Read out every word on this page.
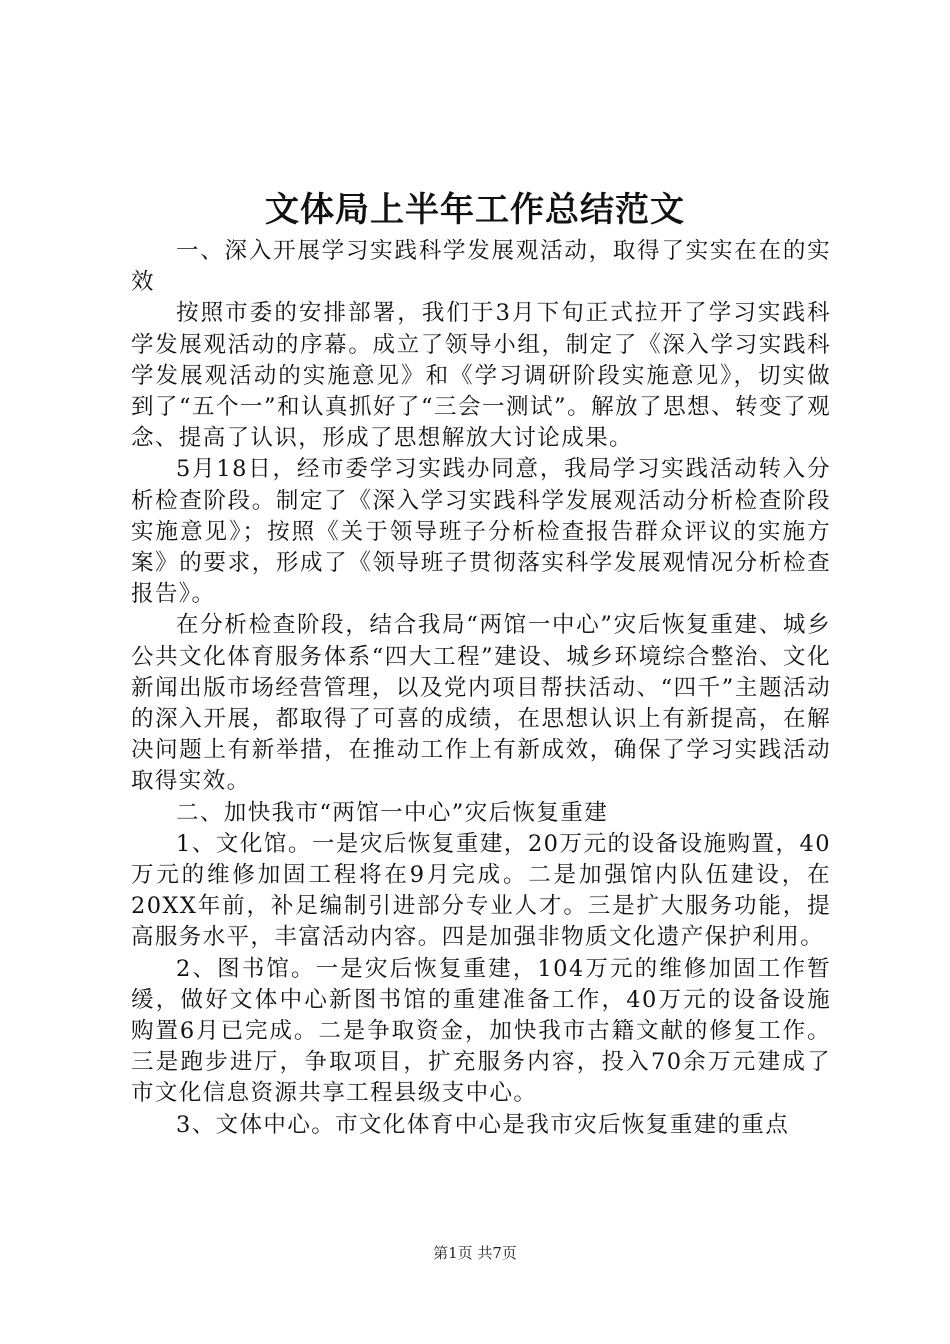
文体局上半年工作总结范文

一、深入开展学习实践科学发展观活动，取得了实实在在的实效

按照市委的安排部署，我们于3月下旬正式拉开了学习实践科学发展观活动的序幕。成立了领导小组，制定了《深入学习实践科学发展观活动的实施意见》和《学习调研阶段实施意见》，切实做到了“五个一”和认真抓好了“三会一测试”。解放了思想、转变了观念、提高了认识，形成了思想解放大讨论成果。

5月18日，经市委学习实践办同意，我局学习实践活动转入分析检查阶段。制定了《深入学习实践科学发展观活动分析检查阶段实施意见》；按照《关于领导班子分析检查报告群众评议的实施方案》的要求，形成了《领导班子贯彻落实科学发展观情况分析检查报告》。

在分析检查阶段，结合我局“两馆一中心”灾后恢复重建、城乡公共文化体育服务体系“四大工程”建设、城乡环境综合整治、文化新闻出版市场经营管理，以及党内项目帮扶活动、“四千”主题活动的深入开展，都取得了可喜的成绩，在思想认识上有新提高，在解决问题上有新举措，在推动工作上有新成效，确保了学习实践活动取得实效。

二、加快我市“两馆一中心”灾后恢复重建

1、文化馆。一是灾后恢复重建，20万元的设备设施购置，40万元的维修加固工程将在9月完成。二是加强馆内队伍建设，在20XX年前，补足编制引进部分专业人才。三是扩大服务功能，提高服务水平，丰富活动内容。四是加强非物质文化遗产保护利用。

2、图书馆。一是灾后恢复重建，104万元的维修加固工作暂缓，做好文体中心新图书馆的重建准备工作，40万元的设备设施购置6月已完成。二是争取资金，加快我市古籍文献的修复工作。三是跑步进厅，争取项目，扩充服务内容，投入70余万元建成了市文化信息资源共享工程县级支中心。

3、文体中心。市文化体育中心是我市灾后恢复重建的重点

第1页 共7页
